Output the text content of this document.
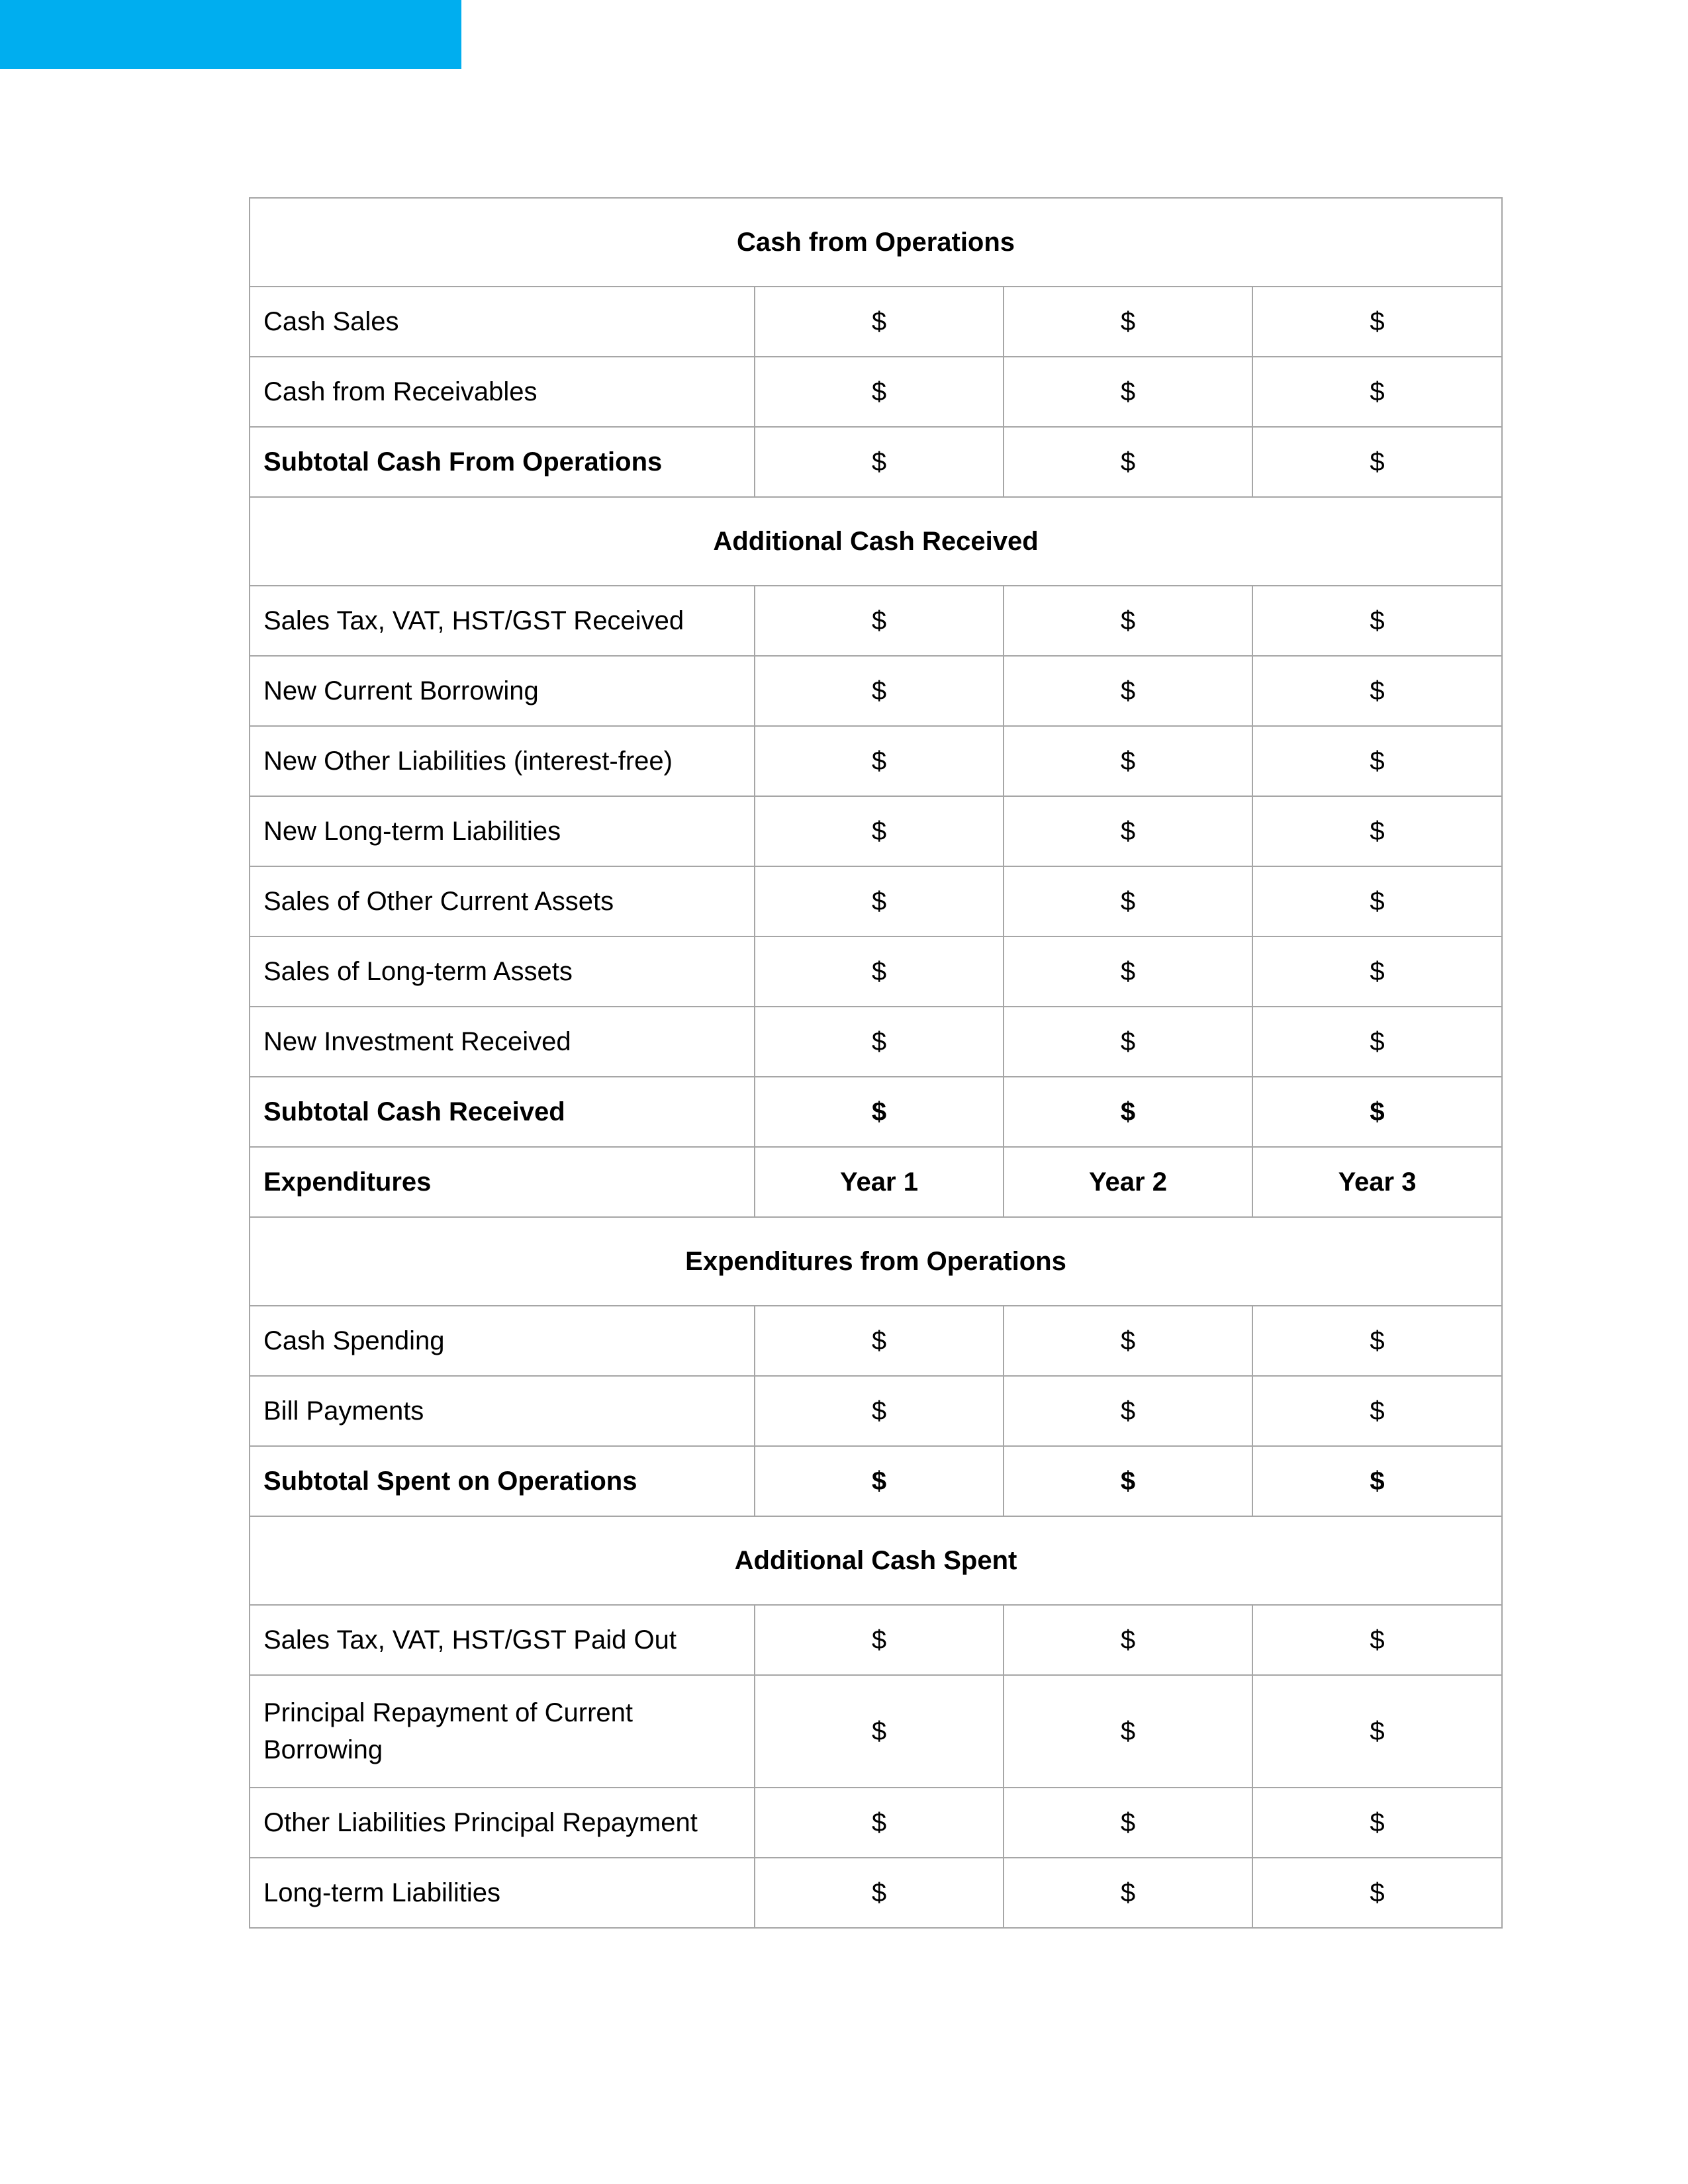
Cash from Operations			
Cash Sales	$	$	$
Cash from Receivables	$	$	$
Subtotal Cash From Operations	$	$	$
Additional Cash Received			
Sales Tax, VAT, HST/GST Received	$	$	$
New Current Borrowing	$	$	$
New Other Liabilities (interest-free)	$	$	$
New Long-term Liabilities	$	$	$
Sales of Other Current Assets	$	$	$
Sales of Long-term Assets	$	$	$
New Investment Received	$	$	$
Subtotal Cash Received	$	$	$
Expenditures	Year 1	Year 2	Year 3
Expenditures from Operations			
Cash Spending	$	$	$
Bill Payments	$	$	$
Subtotal Spent on Operations	$	$	$
Additional Cash Spent			
Sales Tax, VAT, HST/GST Paid Out	$	$	$
Principal Repayment of Current Borrowing	$	$	$
Other Liabilities Principal Repayment	$	$	$
Long-term Liabilities	$	$	$
